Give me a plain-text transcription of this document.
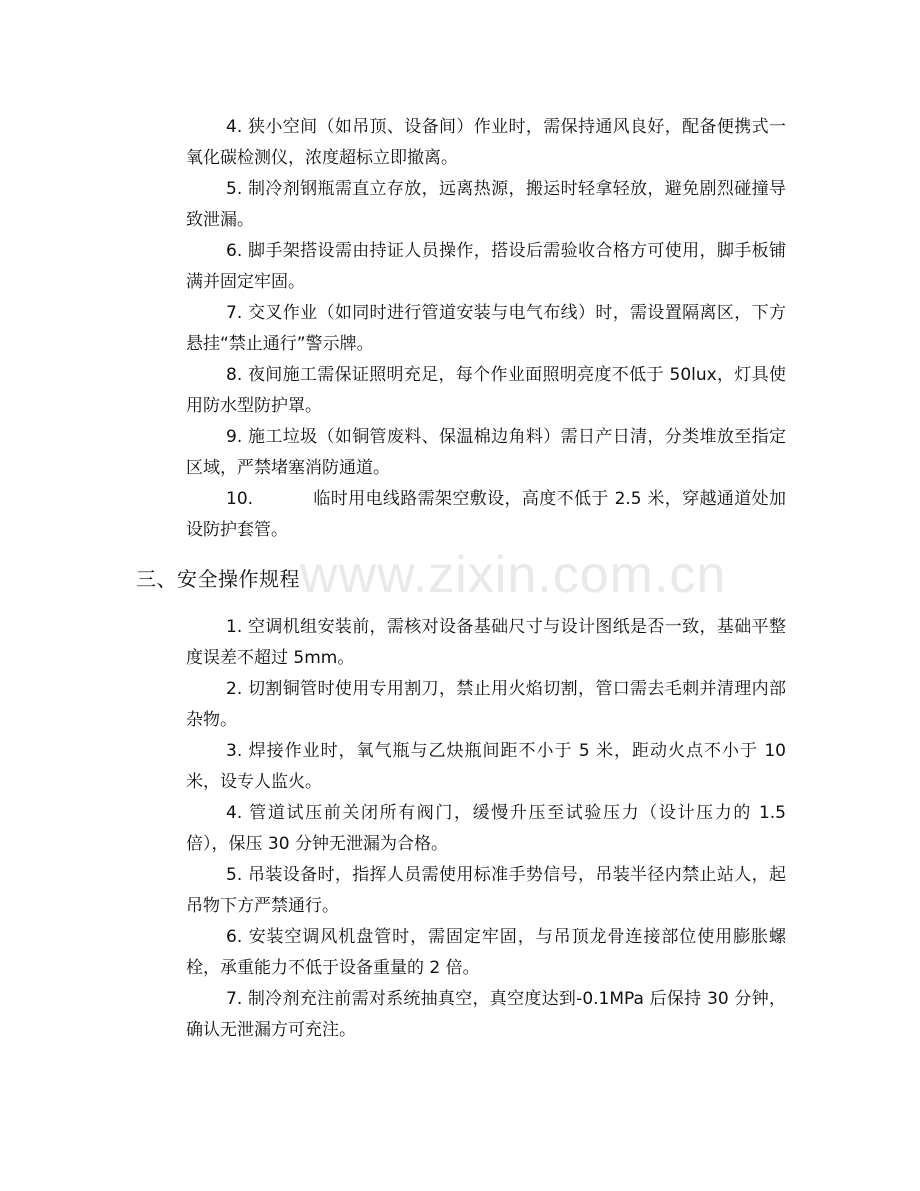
www.zixin.com.cn

4. 狭小空间（如吊顶、设备间）作业时，需保持通风良好，配备便携式一氧化碳检测仪，浓度超标立即撤离。

5. 制冷剂钢瓶需直立存放，远离热源，搬运时轻拿轻放，避免剧烈碰撞导致泄漏。

6. 脚手架搭设需由持证人员操作，搭设后需验收合格方可使用，脚手板铺满并固定牢固。

7. 交叉作业（如同时进行管道安装与电气布线）时，需设置隔离区，下方悬挂“禁止通行”警示牌。

8. 夜间施工需保证照明充足，每个作业面照明亮度不低于 50lux，灯具使用防水型防护罩。

9. 施工垃圾（如铜管废料、保温棉边角料）需日产日清，分类堆放至指定区域，严禁堵塞消防通道。

10.	临时用电线路需架空敷设，高度不低于 2.5 米，穿越通道处加设防护套管。

三、安全操作规程

1. 空调机组安装前，需核对设备基础尺寸与设计图纸是否一致，基础平整度误差不超过 5mm。

2. 切割铜管时使用专用割刀，禁止用火焰切割，管口需去毛刺并清理内部杂物。

3. 焊接作业时，氧气瓶与乙炔瓶间距不小于 5 米，距动火点不小于 10 米，设专人监火。

4. 管道试压前关闭所有阀门，缓慢升压至试验压力（设计压力的 1.5 倍），保压 30 分钟无泄漏为合格。

5. 吊装设备时，指挥人员需使用标准手势信号，吊装半径内禁止站人，起吊物下方严禁通行。

6. 安装空调风机盘管时，需固定牢固，与吊顶龙骨连接部位使用膨胀螺栓，承重能力不低于设备重量的 2 倍。

7. 制冷剂充注前需对系统抽真空，真空度达到-0.1MPa 后保持 30 分钟，确认无泄漏方可充注。
